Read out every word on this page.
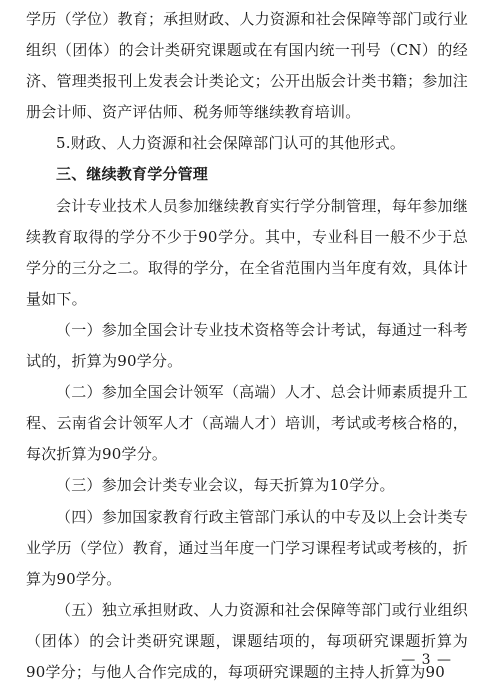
学历（学位）教育；承担财政、人力资源和社会保障等部门或行业组织（团体）的会计类研究课题或在有国内统一刊号（CN）的经济、管理类报刊上发表会计类论文；公开出版会计类书籍；参加注册会计师、资产评估师、税务师等继续教育培训。

5.财政、人力资源和社会保障部门认可的其他形式。

三、继续教育学分管理

会计专业技术人员参加继续教育实行学分制管理，每年参加继续教育取得的学分不少于90学分。其中，专业科目一般不少于总学分的三分之二。取得的学分，在全省范围内当年度有效，具体计量如下。

（一）参加全国会计专业技术资格等会计考试，每通过一科考试的，折算为90学分。

（二）参加全国会计领军（高端）人才、总会计师素质提升工程、云南省会计领军人才（高端人才）培训，考试或考核合格的，每次折算为90学分。

（三）参加会计类专业会议，每天折算为10学分。

（四）参加国家教育行政主管部门承认的中专及以上会计类专业学历（学位）教育，通过当年度一门学习课程考试或考核的，折算为90学分。

（五）独立承担财政、人力资源和社会保障等部门或行业组织（团体）的会计类研究课题，课题结项的，每项研究课题折算为90学分；与他人合作完成的，每项研究课题的主持人折算为90

— 3 —
